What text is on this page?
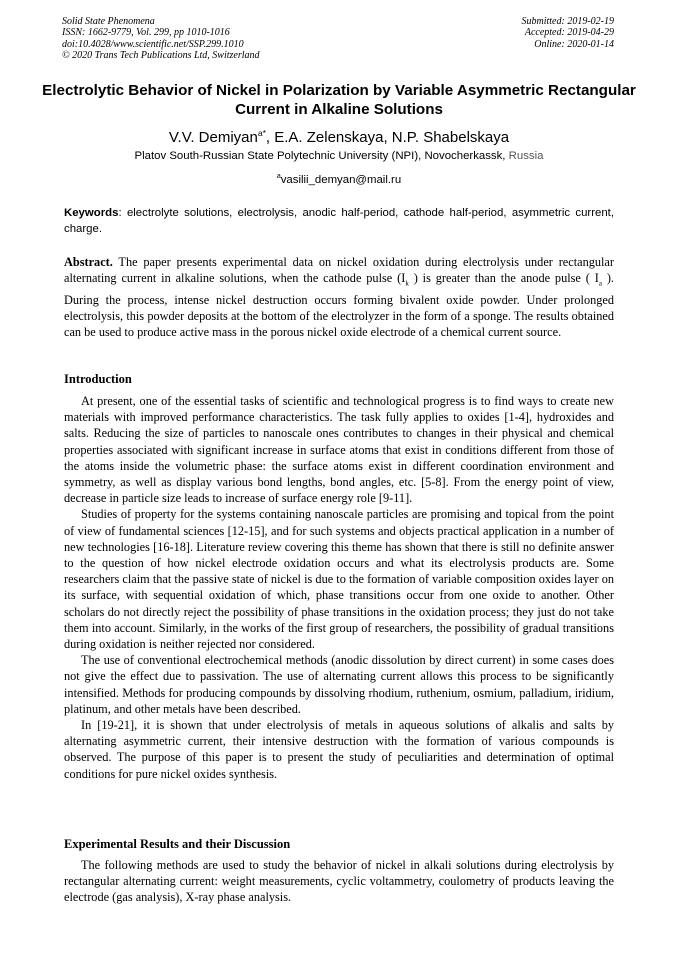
Solid State Phenomena
ISSN: 1662-9779, Vol. 299, pp 1010-1016
doi:10.4028/www.scientific.net/SSP.299.1010
© 2020 Trans Tech Publications Ltd, Switzerland
Submitted: 2019-02-19
Accepted: 2019-04-29
Online: 2020-01-14
Electrolytic Behavior of Nickel in Polarization by Variable Asymmetric Rectangular Current in Alkaline Solutions
V.V. Demiyan$^{a*}$, E.A. Zelenskaya, N.P. Shabelskaya
Platov South-Russian State Polytechnic University (NPI), Novocherkassk, Russia
$^a$vasilii_demyan@mail.ru
Keywords: electrolyte solutions, electrolysis, anodic half-period, cathode half-period, asymmetric current, charge.
Abstract. The paper presents experimental data on nickel oxidation during electrolysis under rectangular alternating current in alkaline solutions, when the cathode pulse ($I_k$ ) is greater than the anode pulse ( $I_a$ ). During the process, intense nickel destruction occurs forming bivalent oxide powder. Under prolonged electrolysis, this powder deposits at the bottom of the electrolyzer in the form of a sponge. The results obtained can be used to produce active mass in the porous nickel oxide electrode of a chemical current source.
Introduction

At present, one of the essential tasks of scientific and technological progress is to find ways to create new materials with improved performance characteristics. The task fully applies to oxides [1-4], hydroxides and salts. Reducing the size of particles to nanoscale ones contributes to changes in their physical and chemical properties associated with significant increase in surface atoms that exist in conditions different from those of the atoms inside the volumetric phase: the surface atoms exist in different coordination environment and symmetry, as well as display various bond lengths, bond angles, etc. [5-8]. From the energy point of view, decrease in particle size leads to increase of surface energy role [9-11].

Studies of property for the systems containing nanoscale particles are promising and topical from the point of view of fundamental sciences [12-15], and for such systems and objects practical application in a number of new technologies [16-18]. Literature review covering this theme has shown that there is still no definite answer to the question of how nickel electrode oxidation occurs and what its electrolysis products are. Some researchers claim that the passive state of nickel is due to the formation of variable composition oxides layer on its surface, with sequential oxidation of which, phase transitions occur from one oxide to another. Other scholars do not directly reject the possibility of phase transitions in the oxidation process; they just do not take them into account. Similarly, in the works of the first group of researchers, the possibility of gradual transitions during oxidation is neither rejected nor considered.

The use of conventional electrochemical methods (anodic dissolution by direct current) in some cases does not give the effect due to passivation. The use of alternating current allows this process to be significantly intensified. Methods for producing compounds by dissolving rhodium, ruthenium, osmium, palladium, iridium, platinum, and other metals have been described.

In [19-21], it is shown that under electrolysis of metals in aqueous solutions of alkalis and salts by alternating asymmetric current, their intensive destruction with the formation of various compounds is observed. The purpose of this paper is to present the study of peculiarities and determination of optimal conditions for pure nickel oxides synthesis.

Experimental Results and their Discussion

The following methods are used to study the behavior of nickel in alkali solutions during electrolysis by rectangular alternating current: weight measurements, cyclic voltammetry, coulometry of products leaving the electrode (gas analysis), X-ray phase analysis.
